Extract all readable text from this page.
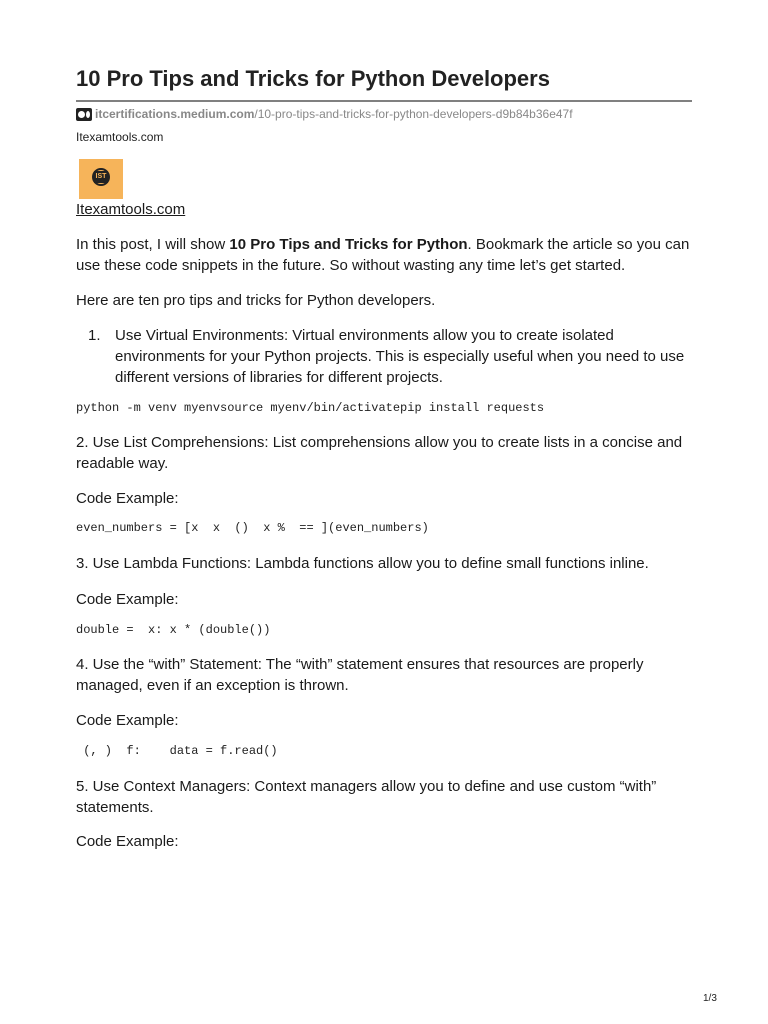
10 Pro Tips and Tricks for Python Developers
itcertifications.medium.com /10-pro-tips-and-tricks-for-python-developers-d9b84b36e47f
Itexamtools.com
IST
Itexamtools.com
In this post, I will show 10 Pro Tips and Tricks for Python. Bookmark the article so you can use these code snippets in the future. So without wasting any time let’s get started.
Here are ten pro tips and tricks for Python developers.
1. Use Virtual Environments: Virtual environments allow you to create isolated environments for your Python projects. This is especially useful when you need to use different versions of libraries for different projects.
python -m venv myenvsource myenv/bin/activatepip install requests
2. Use List Comprehensions: List comprehensions allow you to create lists in a concise and readable way.
Code Example:
even_numbers = [x  x  ()  x %  == ](even_numbers)
3. Use Lambda Functions: Lambda functions allow you to define small functions inline.
Code Example:
double =  x: x * (double())
4. Use the “with” Statement: The “with” statement ensures that resources are properly managed, even if an exception is thrown.
Code Example:
(, )  f:    data = f.read()
5. Use Context Managers: Context managers allow you to define and use custom “with” statements.
Code Example:
1/3
